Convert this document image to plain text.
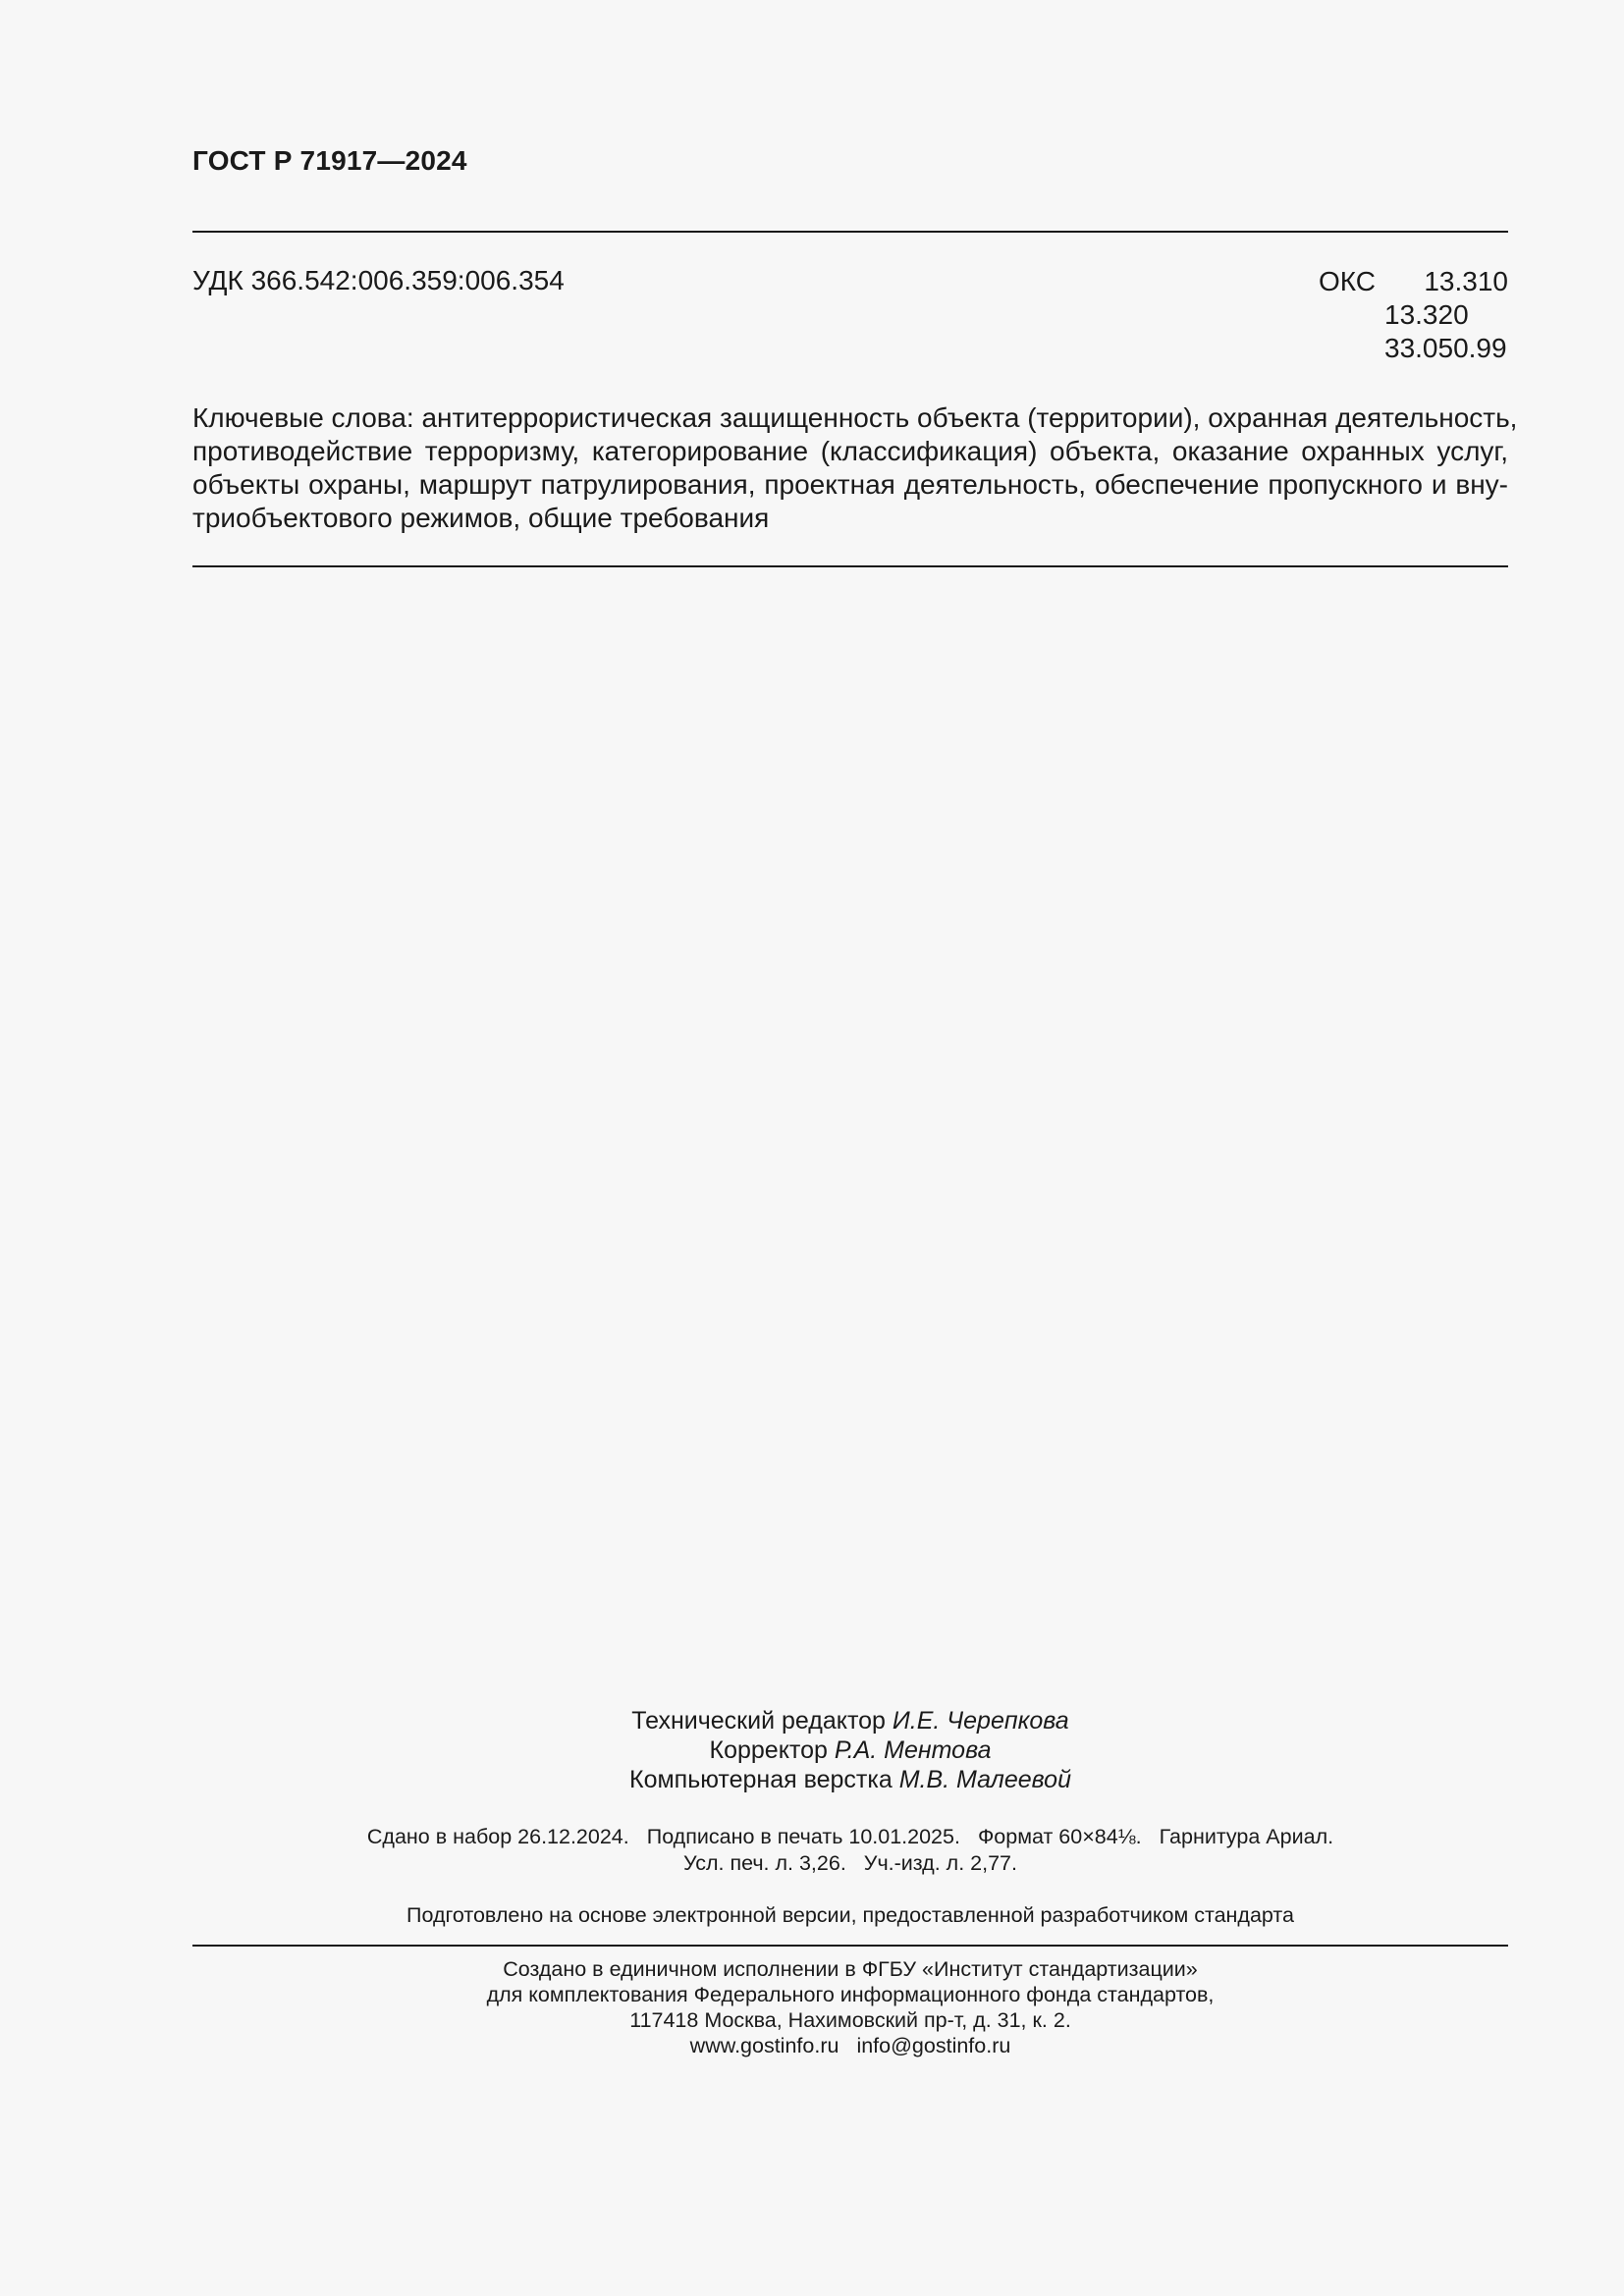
ГОСТ Р 71917—2024
УДК 366.542:006.359:006.354	ОКС 13.310
13.320
33.050.99
Ключевые слова: антитеррористическая защищенность объекта (территории), охранная деятельность,
противодействие терроризму, категорирование (классификация) объекта, оказание охранных услуг,
объекты охраны, маршрут патрулирования, проектная деятельность, обеспечение пропускного и вну-
триобъектового режимов, общие требования
Технический редактор И.Е. Черепкова
Корректор Р.А. Ментова
Компьютерная верстка М.В. Малеевой
Сдано в набор 26.12.2024. Подписано в печать 10.01.2025. Формат 60×84⅛. Гарнитура Ариал.
Усл. печ. л. 3,26. Уч.-изд. л. 2,77.
Подготовлено на основе электронной версии, предоставленной разработчиком стандарта
Создано в единичном исполнении в ФГБУ «Институт стандартизации»
для комплектования Федерального информационного фонда стандартов,
117418 Москва, Нахимовский пр-т, д. 31, к. 2.
www.gostinfo.ru info@gostinfo.ru
